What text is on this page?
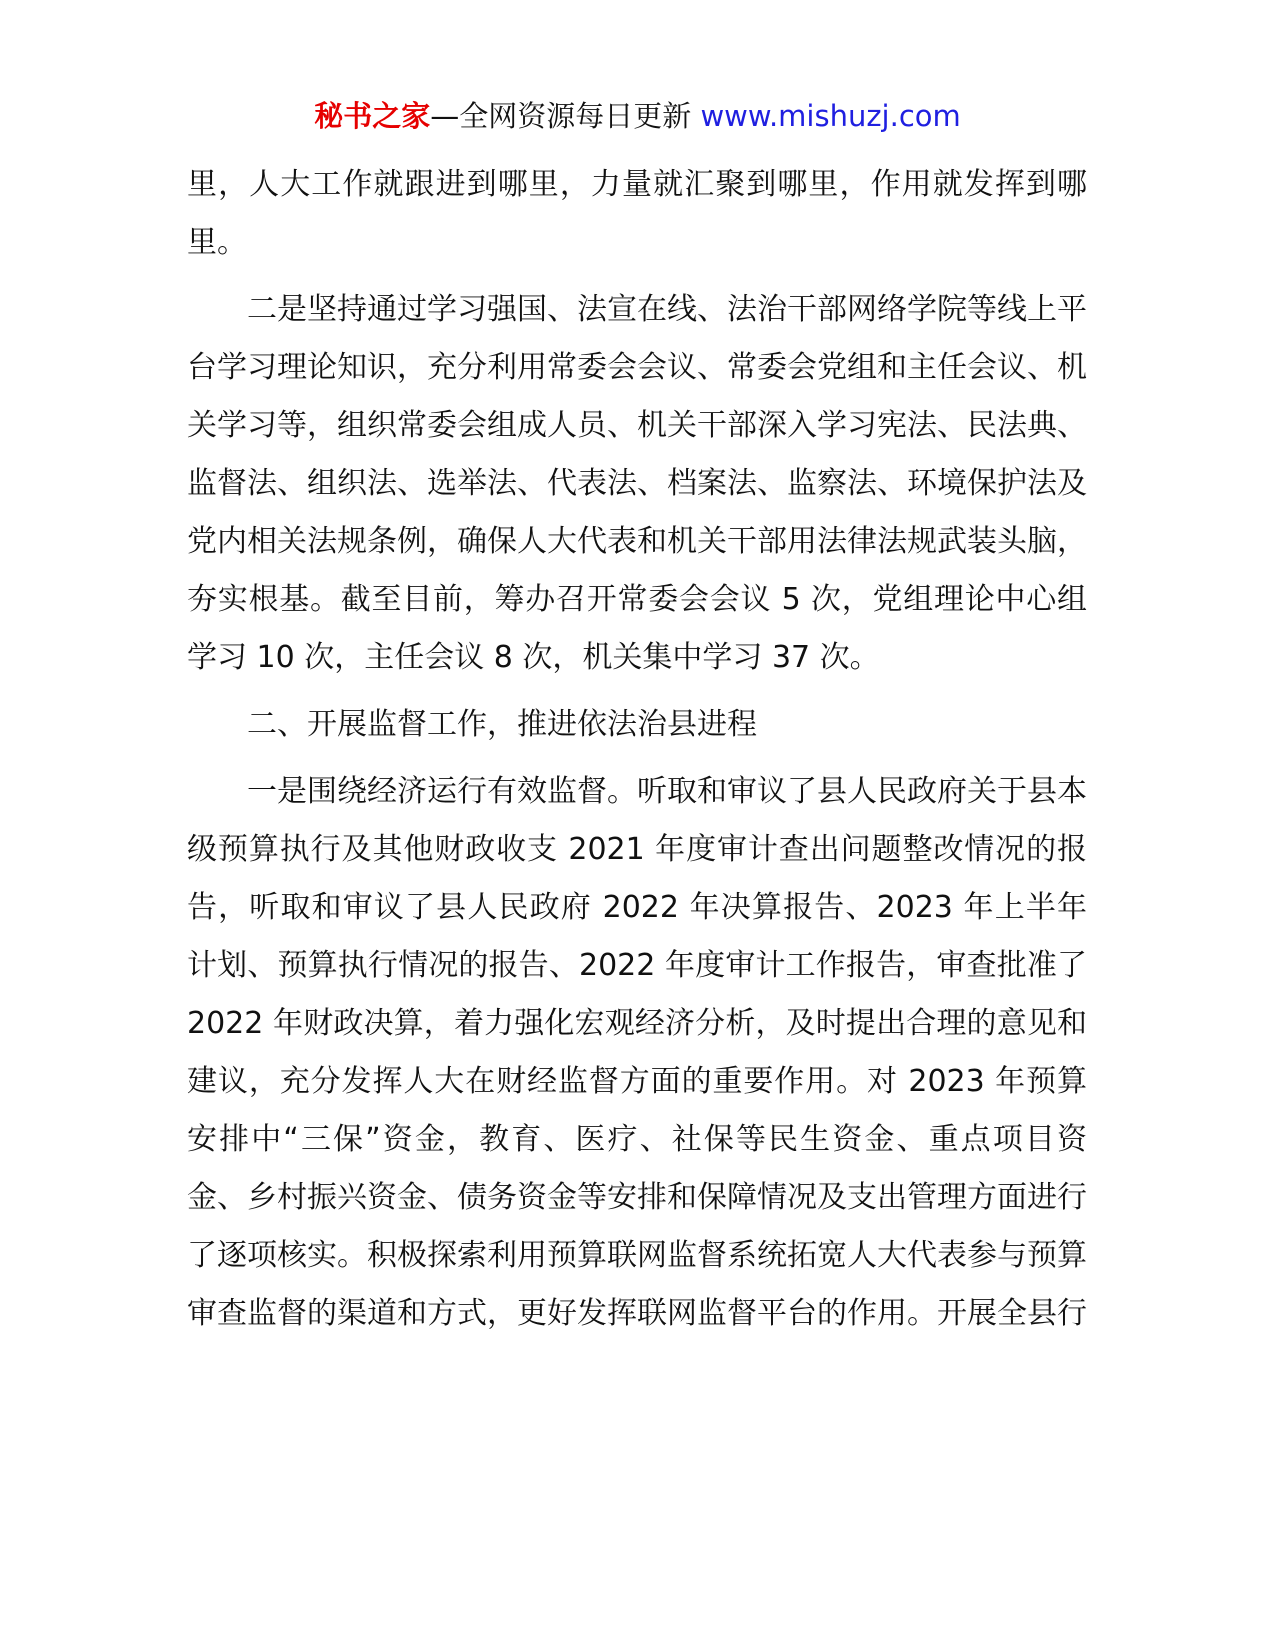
秘书之家—全网资源每日更新 www.mishuzj.com

里，人大工作就跟进到哪里，力量就汇聚到哪里，作用就发挥到哪里。

二是坚持通过学习强国、法宣在线、法治干部网络学院等线上平台学习理论知识，充分利用常委会会议、常委会党组和主任会议、机关学习等，组织常委会组成人员、机关干部深入学习宪法、民法典、监督法、组织法、选举法、代表法、档案法、监察法、环境保护法及党内相关法规条例，确保人大代表和机关干部用法律法规武装头脑，夯实根基。截至目前，筹办召开常委会会议 5 次，党组理论中心组学习 10 次，主任会议 8 次，机关集中学习 37 次。

二、开展监督工作，推进依法治县进程

一是围绕经济运行有效监督。听取和审议了县人民政府关于县本级预算执行及其他财政收支 2021 年度审计查出问题整改情况的报告，听取和审议了县人民政府 2022 年决算报告、2023 年上半年计划、预算执行情况的报告、2022 年度审计工作报告，审查批准了 2022 年财政决算，着力强化宏观经济分析，及时提出合理的意见和建议，充分发挥人大在财经监督方面的重要作用。对 2023 年预算安排中“三保”资金，教育、医疗、社保等民生资金、重点项目资金、乡村振兴资金、债务资金等安排和保障情况及支出管理方面进行了逐项核实。积极探索利用预算联网监督系统拓宽人大代表参与预算审查监督的渠道和方式，更好发挥联网监督平台的作用。开展全县行
